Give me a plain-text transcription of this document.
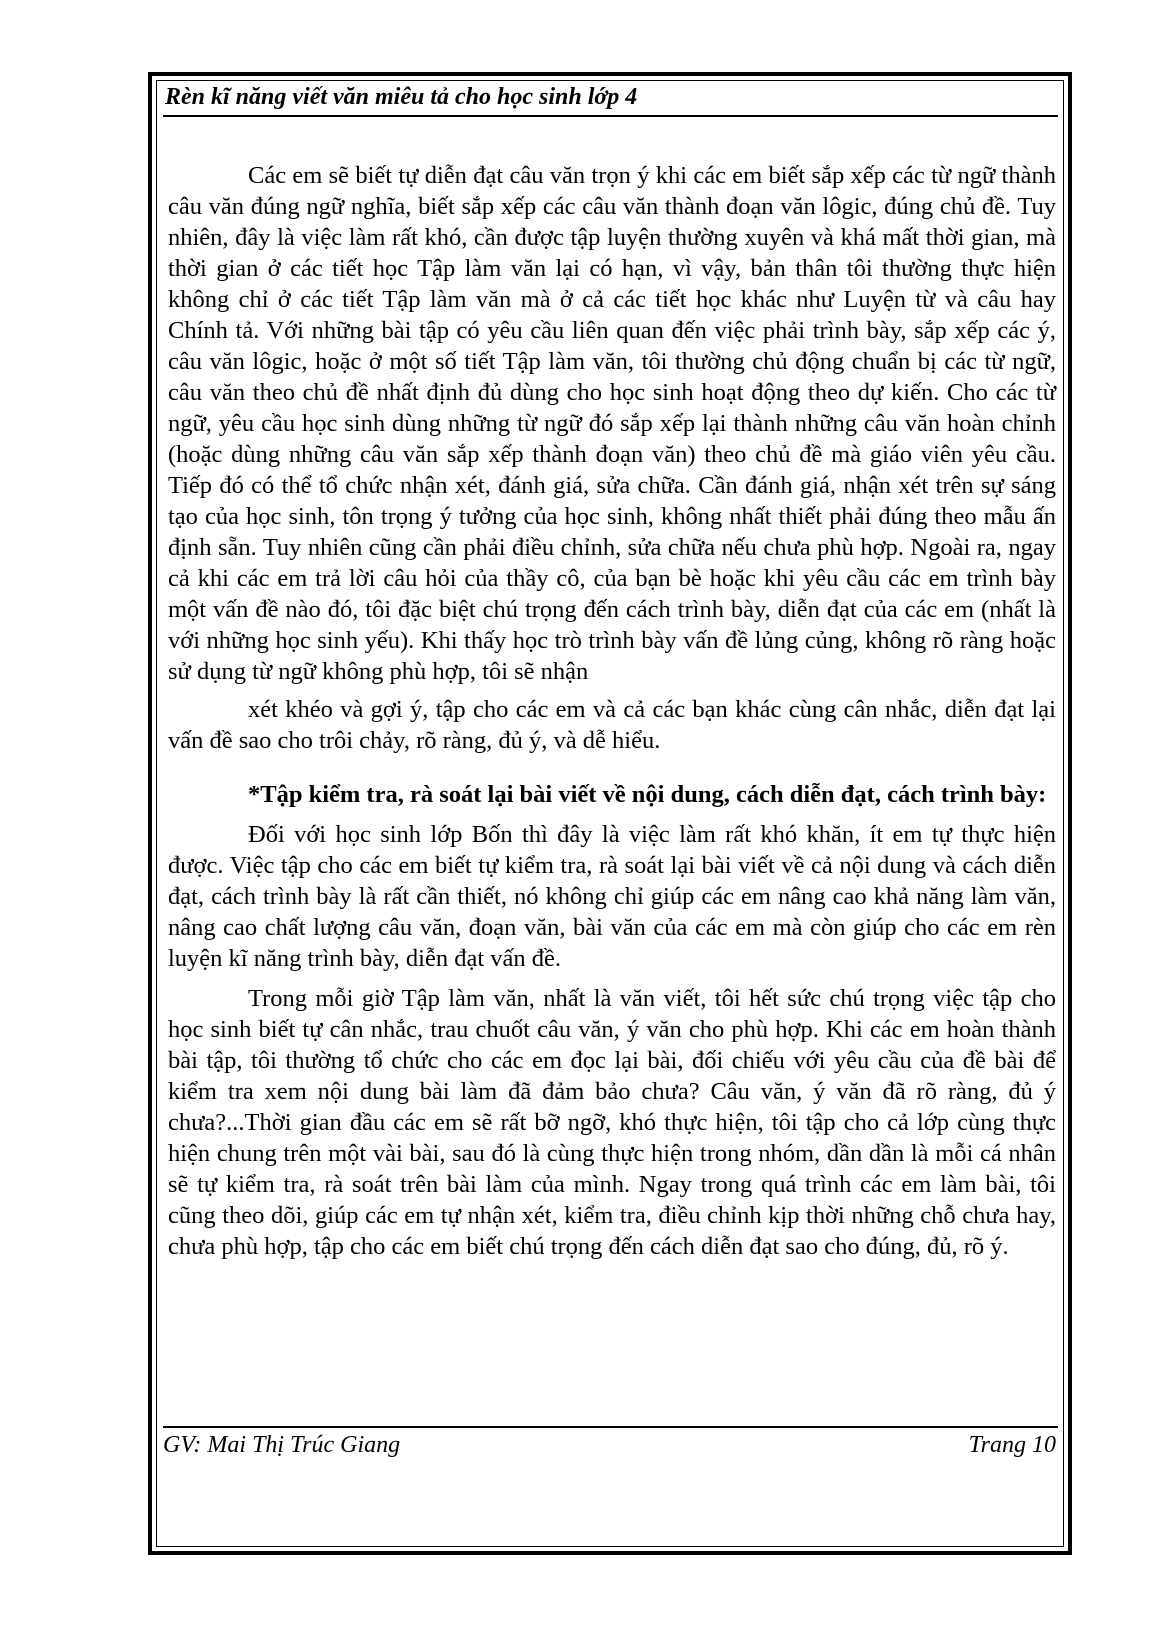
Rèn kĩ năng viết văn miêu tả cho học sinh lớp 4

Các em sẽ biết tự diễn đạt câu văn trọn ý khi các em biết sắp xếp các từ ngữ thành câu văn đúng ngữ nghĩa, biết sắp xếp các câu văn thành đoạn văn lôgic, đúng chủ đề. Tuy nhiên, đây là việc làm rất khó, cần được tập luyện thường xuyên và khá mất thời gian, mà thời gian ở các tiết học Tập làm văn lại có hạn, vì vậy, bản thân tôi thường thực hiện không chỉ ở các tiết Tập làm văn mà ở cả các tiết học khác như Luyện từ và câu hay Chính tả. Với những bài tập có yêu cầu liên quan đến việc phải trình bày, sắp xếp các ý, câu văn lôgic, hoặc ở một số tiết Tập làm văn, tôi thường chủ động chuẩn bị các từ ngữ, câu văn theo chủ đề nhất định đủ dùng cho học sinh hoạt động theo dự kiến. Cho các từ ngữ, yêu cầu học sinh dùng những từ ngữ đó sắp xếp lại thành những câu văn hoàn chỉnh (hoặc dùng những câu văn sắp xếp thành đoạn văn) theo chủ đề mà giáo viên yêu cầu. Tiếp đó có thể tổ chức nhận xét, đánh giá, sửa chữa. Cần đánh giá, nhận xét trên sự sáng tạo của học sinh, tôn trọng ý tưởng của học sinh, không nhất thiết phải đúng theo mẫu ấn định sẵn. Tuy nhiên cũng cần phải điều chỉnh, sửa chữa nếu chưa phù hợp. Ngoài ra, ngay cả khi các em trả lời câu hỏi của thầy cô, của bạn bè hoặc khi yêu cầu các em trình bày một vấn đề nào đó, tôi đặc biệt chú trọng đến cách trình bày, diễn đạt của các em (nhất là với những học sinh yếu). Khi thấy học trò trình bày vấn đề lủng củng, không rõ ràng hoặc sử dụng từ ngữ không phù hợp, tôi sẽ nhận

xét khéo và gợi ý, tập cho các em và cả các bạn khác cùng cân nhắc, diễn đạt lại vấn đề sao cho trôi chảy, rõ ràng, đủ ý, và dễ hiểu.

*Tập kiểm tra, rà soát lại bài viết về nội dung, cách diễn đạt, cách trình bày:

Đối với học sinh lớp Bốn thì đây là việc làm rất khó khăn, ít em tự thực hiện được. Việc tập cho các em biết tự kiểm tra, rà soát lại bài viết về cả nội dung và cách diễn đạt, cách trình bày là rất cần thiết, nó không chỉ giúp các em nâng cao khả năng làm văn, nâng cao chất lượng câu văn, đoạn văn, bài văn của các em mà còn giúp cho các em rèn luyện kĩ năng trình bày, diễn đạt vấn đề.

Trong mỗi giờ Tập làm văn, nhất là văn viết, tôi hết sức chú trọng việc tập cho học sinh biết tự cân nhắc, trau chuốt câu văn, ý văn cho phù hợp. Khi các em hoàn thành bài tập, tôi thường tổ chức cho các em đọc lại bài, đối chiếu với yêu cầu của đề bài để kiểm tra xem nội dung bài làm đã đảm bảo chưa? Câu văn, ý văn đã rõ ràng, đủ ý chưa?...Thời gian đầu các em sẽ rất bỡ ngỡ, khó thực hiện, tôi tập cho cả lớp cùng thực hiện chung trên một vài bài, sau đó là cùng thực hiện trong nhóm, dần dần là mỗi cá nhân sẽ tự kiểm tra, rà soát trên bài làm của mình. Ngay trong quá trình các em làm bài, tôi cũng theo dõi, giúp các em tự nhận xét, kiểm tra, điều chỉnh kịp thời những chỗ chưa hay, chưa phù hợp, tập cho các em biết chú trọng đến cách diễn đạt sao cho đúng, đủ, rõ ý.

GV: Mai Thị Trúc Giang	Trang 10
